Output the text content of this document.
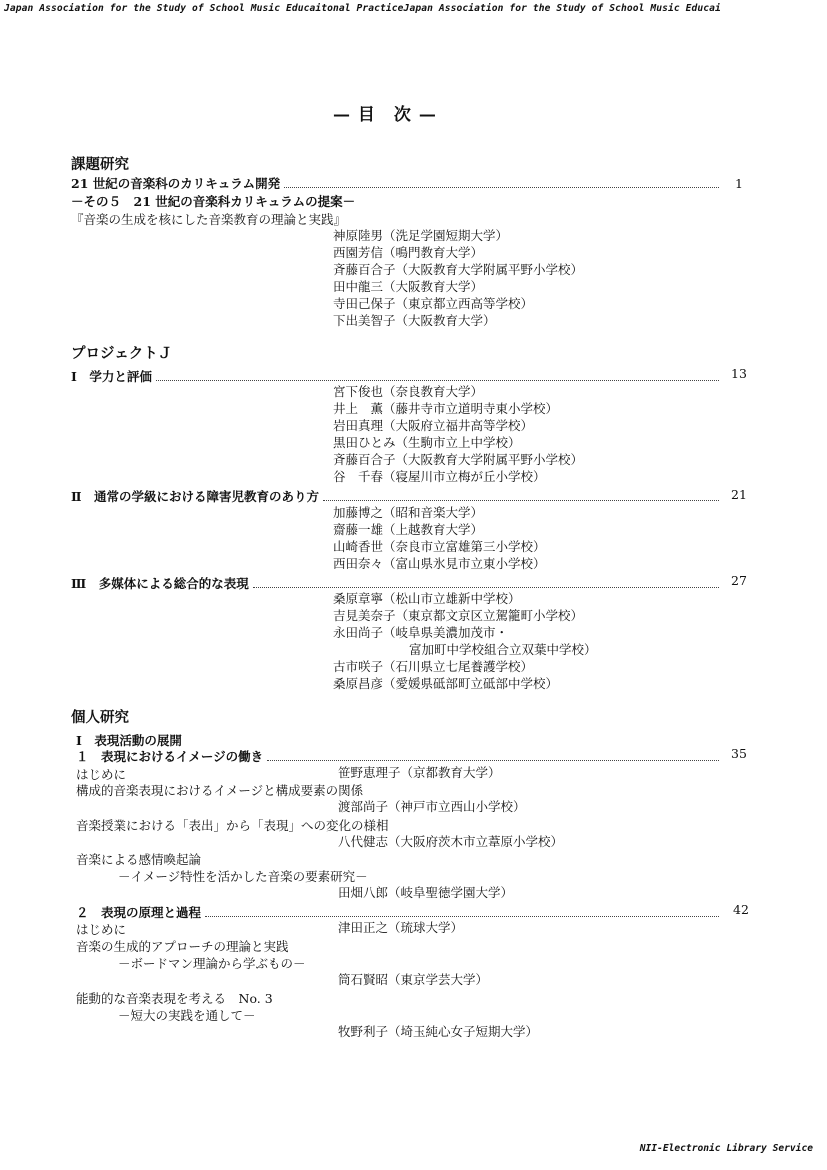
Japan Association for the Study of School Music Educaitonal PracticeJapan Association for the Study of School Music Educai
— 目　次 —
課題研究
21 世紀の音楽科のカリキュラム開発	1
－その５　21 世紀の音楽科カリキュラムの提案－
『音楽の生成を核にした音楽教育の理論と実践』
神原陸男（洗足学園短期大学）
西園芳信（鳴門教育大学）
斉藤百合子（大阪教育大学附属平野小学校）
田中龍三（大阪教育大学）
寺田己保子（東京都立西高等学校）
下出美智子（大阪教育大学）
プロジェクトＪ
Ⅰ　学力と評価	13
宮下俊也（奈良教育大学）
井上　薫（藤井寺市立道明寺東小学校）
岩田真理（大阪府立福井高等学校）
黒田ひとみ（生駒市立上中学校）
斉藤百合子（大阪教育大学附属平野小学校）
谷　千春（寝屋川市立梅が丘小学校）
Ⅱ　通常の学級における障害児教育のあり方	21
加藤博之（昭和音楽大学）
齋藤一雄（上越教育大学）
山崎香世（奈良市立富雄第三小学校）
西田奈々（富山県氷見市立東小学校）
Ⅲ　多媒体による総合的な表現	27
桑原章寧（松山市立雄新中学校）
吉見美奈子（東京都文京区立駕籠町小学校）
永田尚子（岐阜県美濃加茂市・
富加町中学校組合立双葉中学校）
古市咲子（石川県立七尾養護学校）
桑原昌彦（愛媛県砥部町立砥部中学校）
個人研究
Ⅰ　表現活動の展開
１　表現におけるイメージの働き	35
はじめに	笹野恵理子（京都教育大学）
構成的音楽表現におけるイメージと構成要素の関係
渡部尚子（神戸市立西山小学校）
音楽授業における「表出」から「表現」への変化の様相
八代健志（大阪府茨木市立葦原小学校）
音楽による感情喚起論
－イメージ特性を活かした音楽の要素研究－
田畑八郎（岐阜聖徳学園大学）
２　表現の原理と過程	42
はじめに	津田正之（琉球大学）
音楽の生成的アプローチの理論と実践
－ボードマン理論から学ぶもの－
筒石賢昭（東京学芸大学）
能動的な音楽表現を考える　No. 3
－短大の実践を通して－
牧野利子（埼玉純心女子短期大学）
NII-Electronic Library Service
